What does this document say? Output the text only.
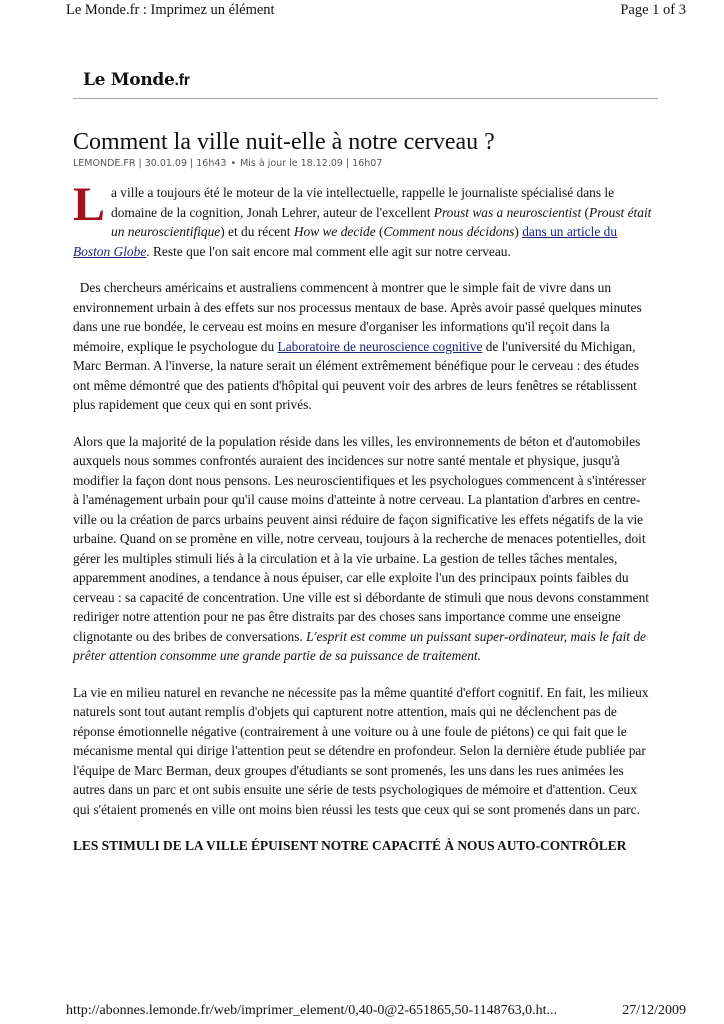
Le Monde.fr : Imprimez un élément	Page 1 of 3
Le Monde.fr
Comment la ville nuit-elle à notre cerveau ?
LEMONDE.FR | 30.01.09 | 16h43 • Mis à jour le 18.12.09 | 16h07

La ville a toujours été le moteur de la vie intellectuelle, rappelle le journaliste spécialisé dans le domaine de la cognition, Jonah Lehrer, auteur de l'excellent Proust was a neuroscientist (Proust était un neuroscientifique) et du récent How we decide (Comment nous décidons) dans un article du Boston Globe. Reste que l'on sait encore mal comment elle agit sur notre cerveau.

Des chercheurs américains et australiens commencent à montrer que le simple fait de vivre dans un environnement urbain à des effets sur nos processus mentaux de base. Après avoir passé quelques minutes dans une rue bondée, le cerveau est moins en mesure d'organiser les informations qu'il reçoit dans la mémoire, explique le psychologue du Laboratoire de neuroscience cognitive de l'université du Michigan, Marc Berman. A l'inverse, la nature serait un élément extrêmement bénéfique pour le cerveau : des études ont même démontré que des patients d'hôpital qui peuvent voir des arbres de leurs fenêtres se rétablissent plus rapidement que ceux qui en sont privés.

Alors que la majorité de la population réside dans les villes, les environnements de béton et d'automobiles auxquels nous sommes confrontés auraient des incidences sur notre santé mentale et physique, jusqu'à modifier la façon dont nous pensons. Les neuroscientifiques et les psychologues commencent à s'intéresser à l'aménagement urbain pour qu'il cause moins d'atteinte à notre cerveau. La plantation d'arbres en centre-ville ou la création de parcs urbains peuvent ainsi réduire de façon significative les effets négatifs de la vie urbaine. Quand on se promène en ville, notre cerveau, toujours à la recherche de menaces potentielles, doit gérer les multiples stimuli liés à la circulation et à la vie urbaine. La gestion de telles tâches mentales, apparemment anodines, a tendance à nous épuiser, car elle exploite l'un des principaux points faibles du cerveau : sa capacité de concentration. Une ville est si débordante de stimuli que nous devons constamment rediriger notre attention pour ne pas être distraits par des choses sans importance comme une enseigne clignotante ou des bribes de conversations. L'esprit est comme un puissant super-ordinateur, mais le fait de prêter attention consomme une grande partie de sa puissance de traitement.

La vie en milieu naturel en revanche ne nécessite pas la même quantité d'effort cognitif. En fait, les milieux naturels sont tout autant remplis d'objets qui capturent notre attention, mais qui ne déclenchent pas de réponse émotionnelle négative (contrairement à une voiture ou à une foule de piétons) ce qui fait que le mécanisme mental qui dirige l'attention peut se détendre en profondeur. Selon la dernière étude publiée par l'équipe de Marc Berman, deux groupes d'étudiants se sont promenés, les uns dans les rues animées les autres dans un parc et ont subis ensuite une série de tests psychologiques de mémoire et d'attention. Ceux qui s'étaient promenés en ville ont moins bien réussi les tests que ceux qui se sont promenés dans un parc.

LES STIMULI DE LA VILLE ÉPUISENT NOTRE CAPACITÉ À NOUS AUTO-CONTRÔLER
http://abonnes.lemonde.fr/web/imprimer_element/0,40-0@2-651865,50-1148763,0.ht...	27/12/2009
